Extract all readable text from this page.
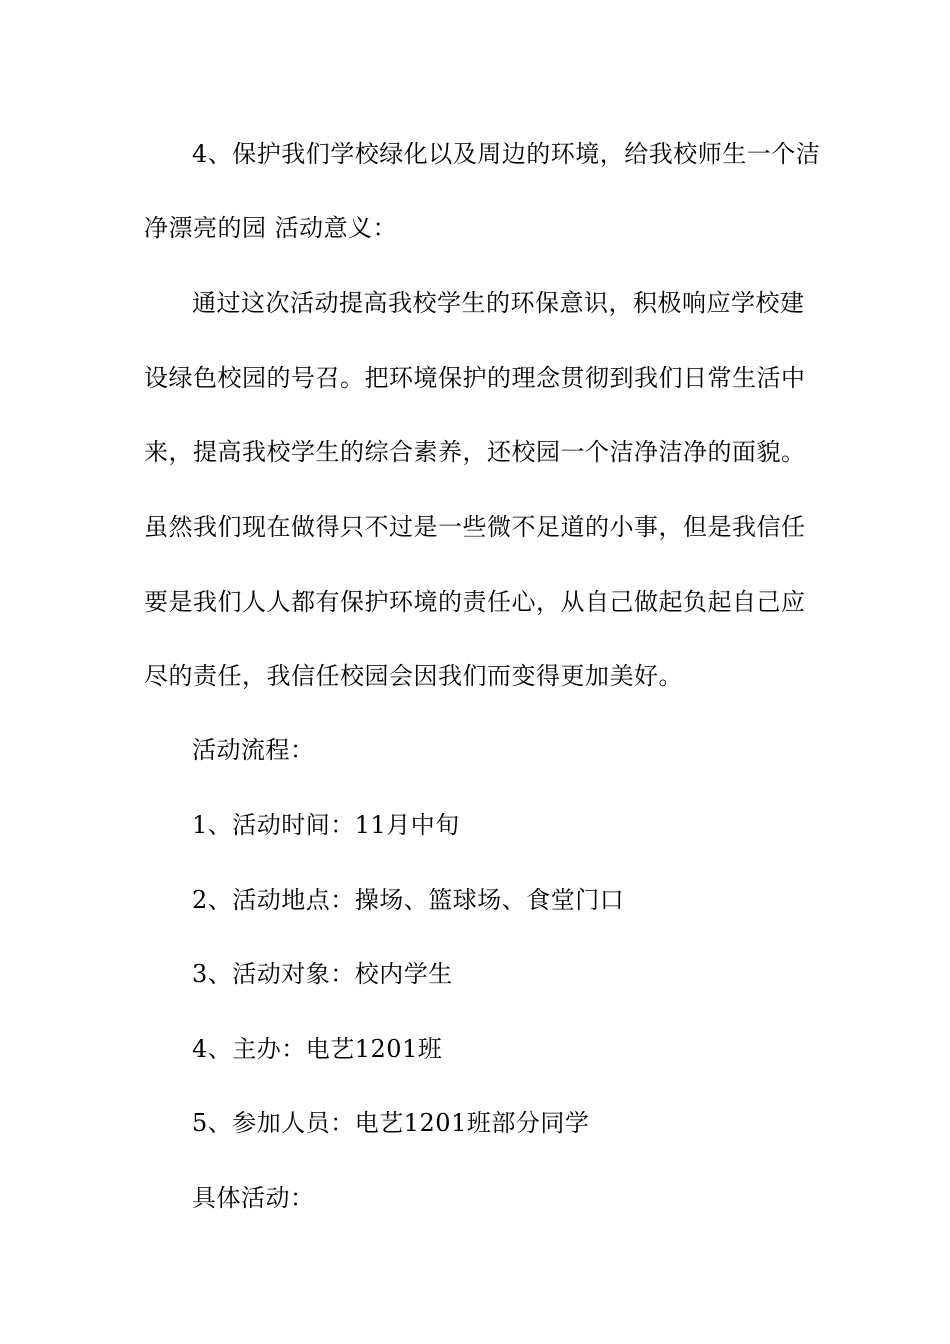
4、保护我们学校绿化以及周边的环境，给我校师生一个洁
净漂亮的园 活动意义：
通过这次活动提高我校学生的环保意识，积极响应学校建
设绿色校园的号召。把环境保护的理念贯彻到我们日常生活中
来，提高我校学生的综合素养，还校园一个洁净洁净的面貌。
虽然我们现在做得只不过是一些微不足道的小事，但是我信任
要是我们人人都有保护环境的责任心，从自己做起负起自己应
尽的责任，我信任校园会因我们而变得更加美好。
活动流程：
1、活动时间：11月中旬
2、活动地点：操场、篮球场、食堂门口
3、活动对象：校内学生
4、主办：电艺1201班
5、参加人员：电艺1201班部分同学
具体活动：
